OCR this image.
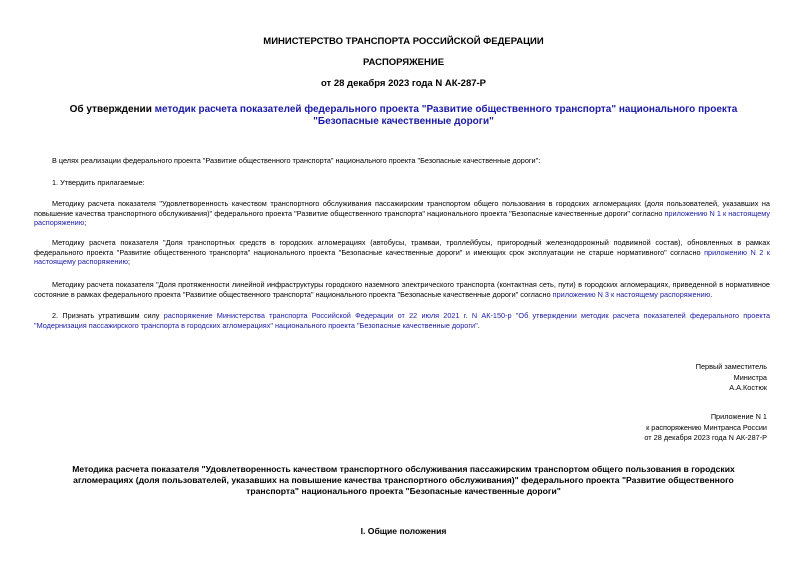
МИНИСТЕРСТВО ТРАНСПОРТА РОССИЙСКОЙ ФЕДЕРАЦИИ
РАСПОРЯЖЕНИЕ
от 28 декабря 2023 года N АК-287-Р
Об утверждении методик расчета показателей федерального проекта "Развитие общественного транспорта" национального проекта "Безопасные качественные дороги"
В целях реализации федерального проекта "Развитие общественного транспорта" национального проекта "Безопасные качественные дороги":
1. Утвердить прилагаемые:
Методику расчета показателя "Удовлетворенность качеством транспортного обслуживания пассажирским транспортом общего пользования в городских агломерациях (доля пользователей, указавших на повышение качества транспортного обслуживания)" федерального проекта "Развитие общественного транспорта" национального проекта "Безопасные качественные дороги" согласно приложению N 1 к настоящему распоряжению;
Методику расчета показателя "Доля транспортных средств в городских агломерациях (автобусы, трамваи, троллейбусы, пригородный железнодорожный подвижной состав), обновленных в рамках федерального проекта "Развитие общественного транспорта" национального проекта "Безопасные качественные дороги" и имеющих срок эксплуатации не старше нормативного" согласно приложению N 2 к настоящему распоряжению;
Методику расчета показателя "Доля протяженности линейной инфраструктуры городского наземного электрического транспорта (контактная сеть, пути) в городских агломерациях, приведенной в нормативное состояние в рамках федерального проекта "Развитие общественного транспорта" национального проекта "Безопасные качественные дороги" согласно приложению N 3 к настоящему распоряжению.
2. Признать утратившим силу распоряжение Министерства транспорта Российской Федерации от 22 июля 2021 г. N АК-150-р "Об утверждении методик расчета показателей федерального проекта "Модернизация пассажирского транспорта в городских агломерациях" национального проекта "Безопасные качественные дороги".
Первый заместитель
Министра
А.А.Костюк
Приложение N 1
к распоряжению Минтранса России
от 28 декабря 2023 года N АК-287-Р
Методика расчета показателя "Удовлетворенность качеством транспортного обслуживания пассажирским транспортом общего пользования в городских агломерациях (доля пользователей, указавших на повышение качества транспортного обслуживания)" федерального проекта "Развитие общественного транспорта" национального проекта "Безопасные качественные дороги"
I. Общие положения
